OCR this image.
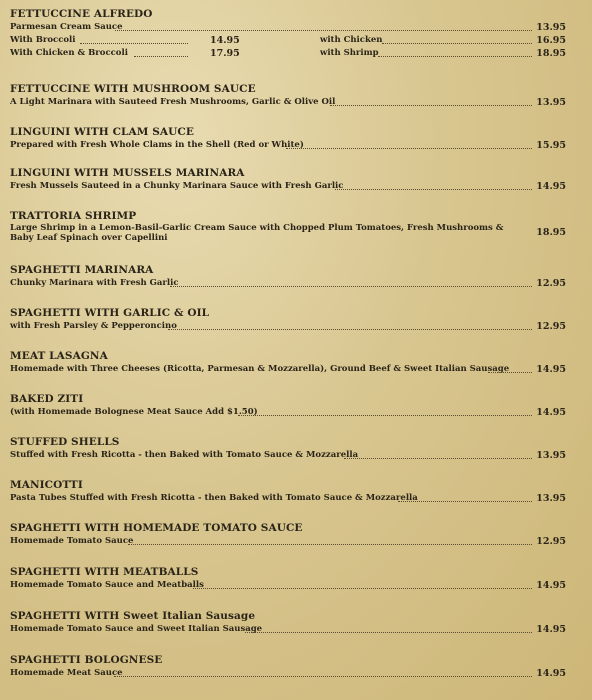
FETTUCCINE ALFREDO
Parmesan Cream Sauce	13.95
With Broccoli	14.95	with Chicken	16.95
With Chicken & Broccoli	17.95	with Shrimp	18.95
FETTUCCINE WITH MUSHROOM SAUCE
A Light Marinara with Sauteed Fresh Mushrooms, Garlic & Olive Oil	13.95
LINGUINI WITH CLAM SAUCE
Prepared with Fresh Whole Clams in the Shell (Red or White)	15.95
LINGUINI WITH MUSSELS MARINARA
Fresh Mussels Sauteed in a Chunky Marinara Sauce with Fresh Garlic	14.95
TRATTORIA SHRIMP
Large Shrimp in a Lemon-Basil-Garlic Cream Sauce with Chopped Plum Tomatoes, Fresh Mushrooms & Baby Leaf Spinach over Capellini	18.95
SPAGHETTI MARINARA
Chunky Marinara with Fresh Garlic	12.95
SPAGHETTI WITH GARLIC & OIL
with Fresh Parsley & Pepperoncino	12.95
MEAT LASAGNA
Homemade with Three Cheeses (Ricotta, Parmesan & Mozzarella), Ground Beef & Sweet Italian Sausage	14.95
BAKED ZITI
(with Homemade Bolognese Meat Sauce Add $1.50)	14.95
STUFFED SHELLS
Stuffed with Fresh Ricotta - then Baked with Tomato Sauce & Mozzarella	13.95
MANICOTTI
Pasta Tubes Stuffed with Fresh Ricotta - then Baked with Tomato Sauce & Mozzarella	13.95
SPAGHETTI WITH HOMEMADE TOMATO SAUCE
Homemade Tomato Sauce	12.95
SPAGHETTI WITH MEATBALLS
Homemade Tomato Sauce and Meatballs	14.95
SPAGHETTI WITH Sweet Italian Sausage
Homemade Tomato Sauce and Sweet Italian Sausage	14.95
SPAGHETTI BOLOGNESE
Homemade Meat Sauce	14.95
